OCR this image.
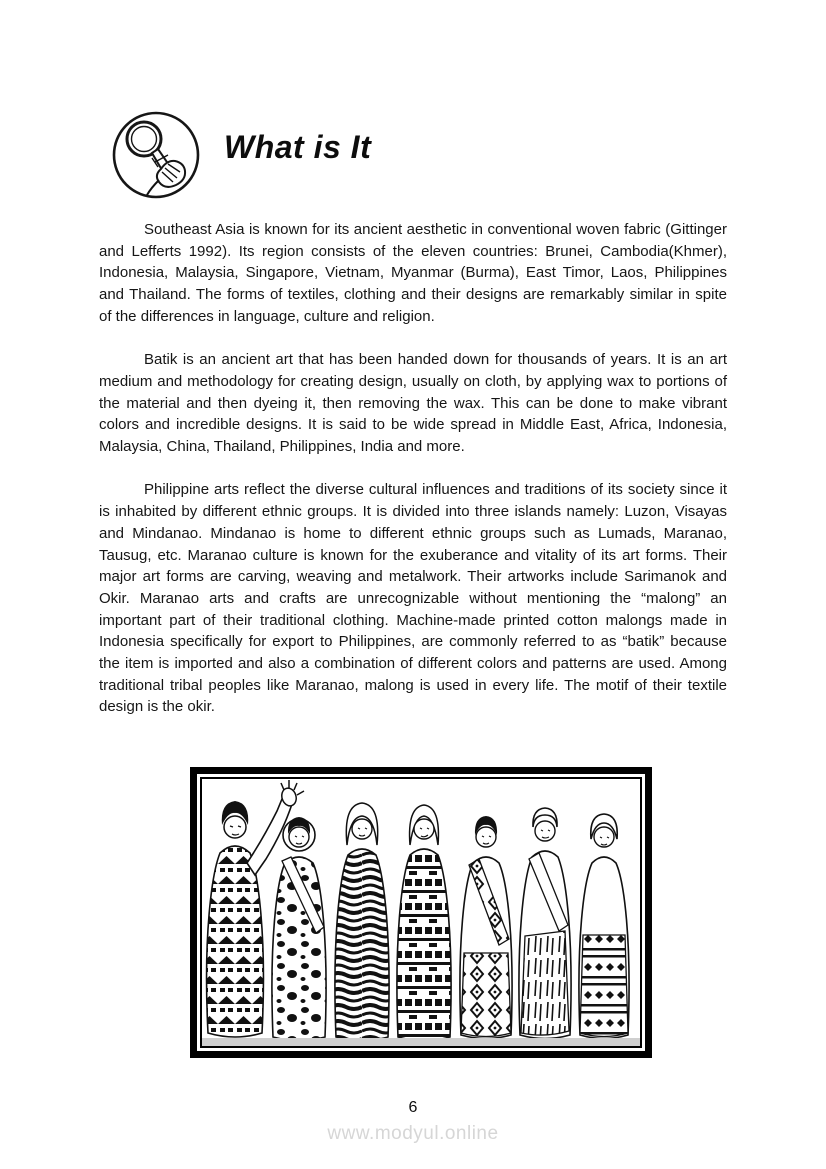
What is It

Southeast Asia is known for its ancient aesthetic in conventional woven fabric (Gittinger and Lefferts 1992). Its region consists of the eleven countries: Brunei, Cambodia(Khmer), Indonesia, Malaysia, Singapore, Vietnam, Myanmar (Burma), East Timor, Laos, Philippines and Thailand. The forms of textiles, clothing and their designs are remarkably similar in spite of the differences in language, culture and religion.

Batik is an ancient art that has been handed down for thousands of years. It is an art medium and methodology for creating design, usually on cloth, by applying wax to portions of the material and then dyeing it, then removing the wax. This can be done to make vibrant colors and incredible designs. It is said to be wide spread in Middle East, Africa, Indonesia, Malaysia, China, Thailand, Philippines, India and more.

Philippine arts reflect the diverse cultural influences and traditions of its society since it is inhabited by different ethnic groups. It is divided into three islands namely: Luzon, Visayas and Mindanao. Mindanao is home to different ethnic groups such as Lumads, Maranao, Tausug, etc. Maranao culture is known for the exuberance and vitality of its art forms. Their major art forms are carving, weaving and metalwork. Their artworks include Sarimanok and Okir. Maranao arts and crafts are unrecognizable without mentioning the “malong” an important part of their traditional clothing. Machine-made printed cotton malongs made in Indonesia specifically for export to Philippines, are commonly referred to as “batik” because the item is imported and also a combination of different colors and patterns are used. Among traditional tribal peoples like Maranao, malong is used in every life. The motif of their textile design is the okir.

6
www.modyul.online
